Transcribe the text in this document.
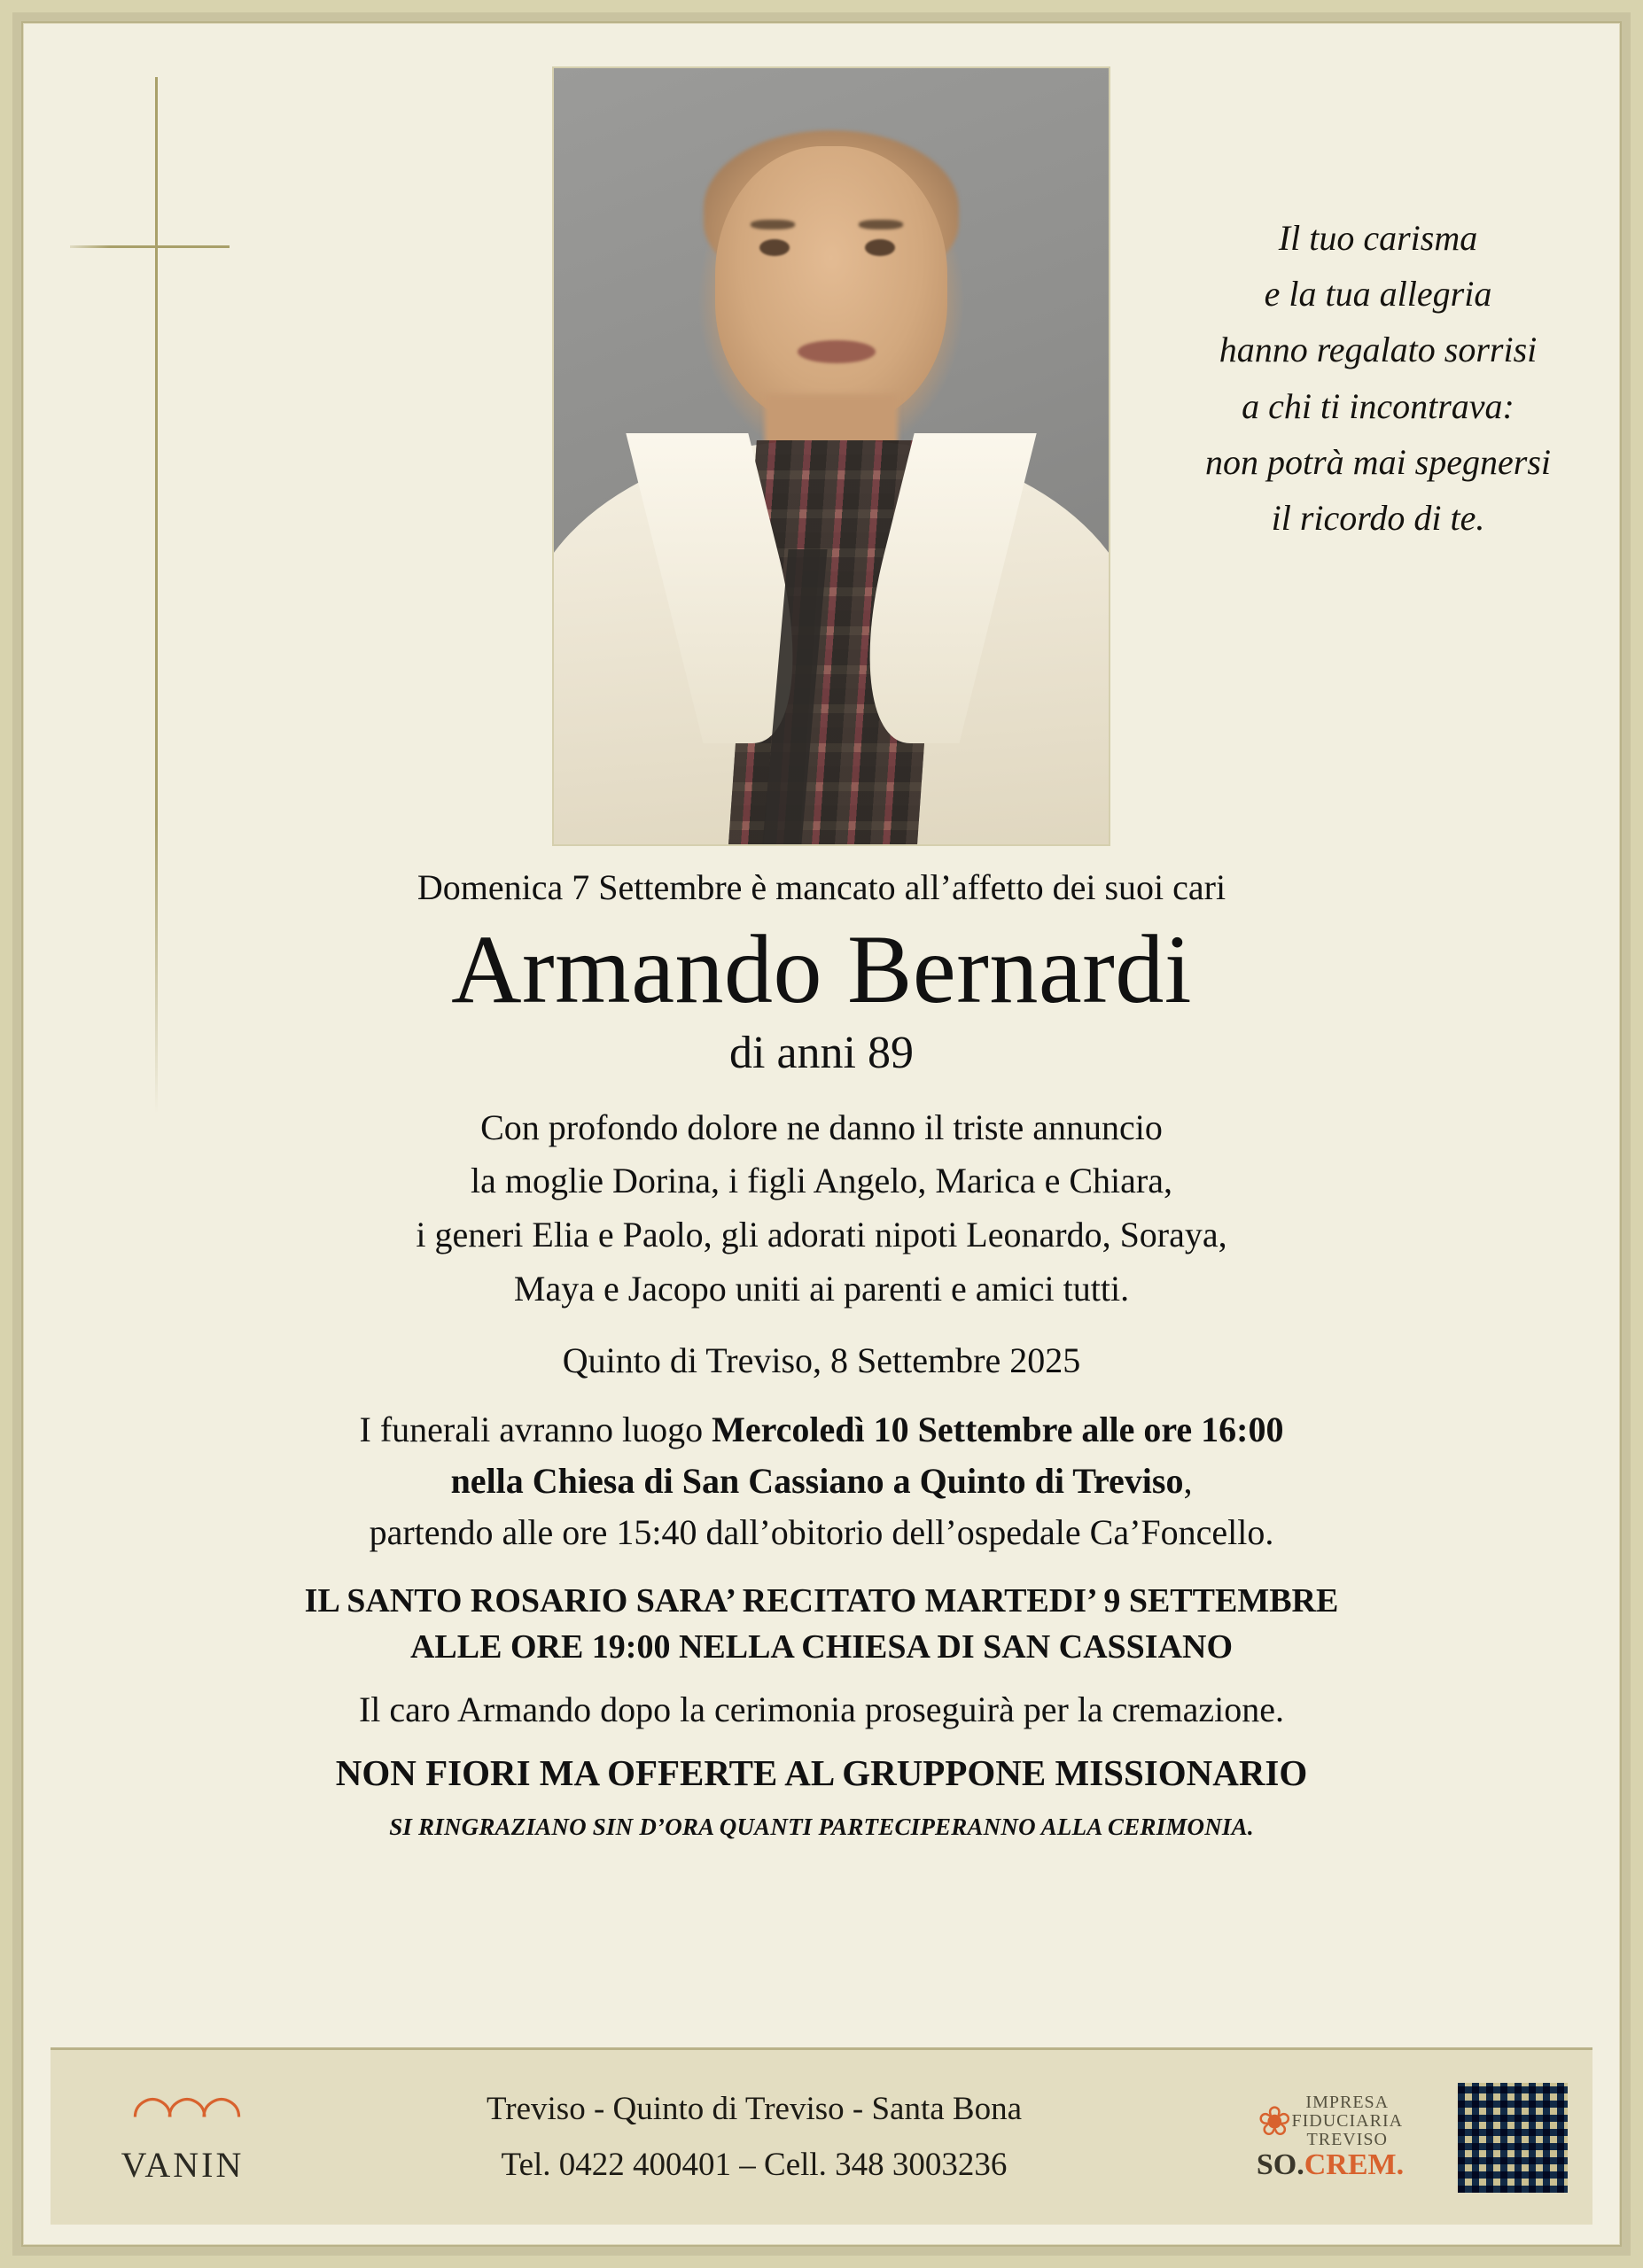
Il tuo carisma
e la tua allegria
hanno regalato sorrisi
a chi ti incontrava:
non potrà mai spegnersi
il ricordo di te.
Domenica 7 Settembre è mancato all’affetto dei suoi cari
Armando Bernardi
di anni 89
Con profondo dolore ne danno il triste annuncio
la moglie Dorina, i figli Angelo, Marica e Chiara,
i generi Elia e Paolo, gli adorati nipoti Leonardo, Soraya,
Maya e Jacopo uniti ai parenti e amici tutti.
Quinto di Treviso, 8 Settembre 2025
I funerali avranno luogo Mercoledì 10 Settembre alle ore 16:00
nella Chiesa di San Cassiano a Quinto di Treviso,
partendo alle ore 15:40 dall’obitorio dell’ospedale Ca’Foncello.
IL SANTO ROSARIO SARA’ RECITATO MARTEDI’ 9 SETTEMBRE
ALLE ORE 19:00 NELLA CHIESA DI SAN CASSIANO
Il caro Armando dopo la cerimonia proseguirà per la cremazione.
NON FIORI MA OFFERTE AL GRUPPONE MISSIONARIO
SI RINGRAZIANO SIN D’ORA QUANTI PARTECIPERANNO ALLA CERIMONIA.
◠◠◠
VANIN
Treviso - Quinto di Treviso - Santa Bona
Tel. 0422 400401 – Cell. 348 3003236
❀ IMPRESA
FIDUCIARIA
TREVISO
SO.CREM.
